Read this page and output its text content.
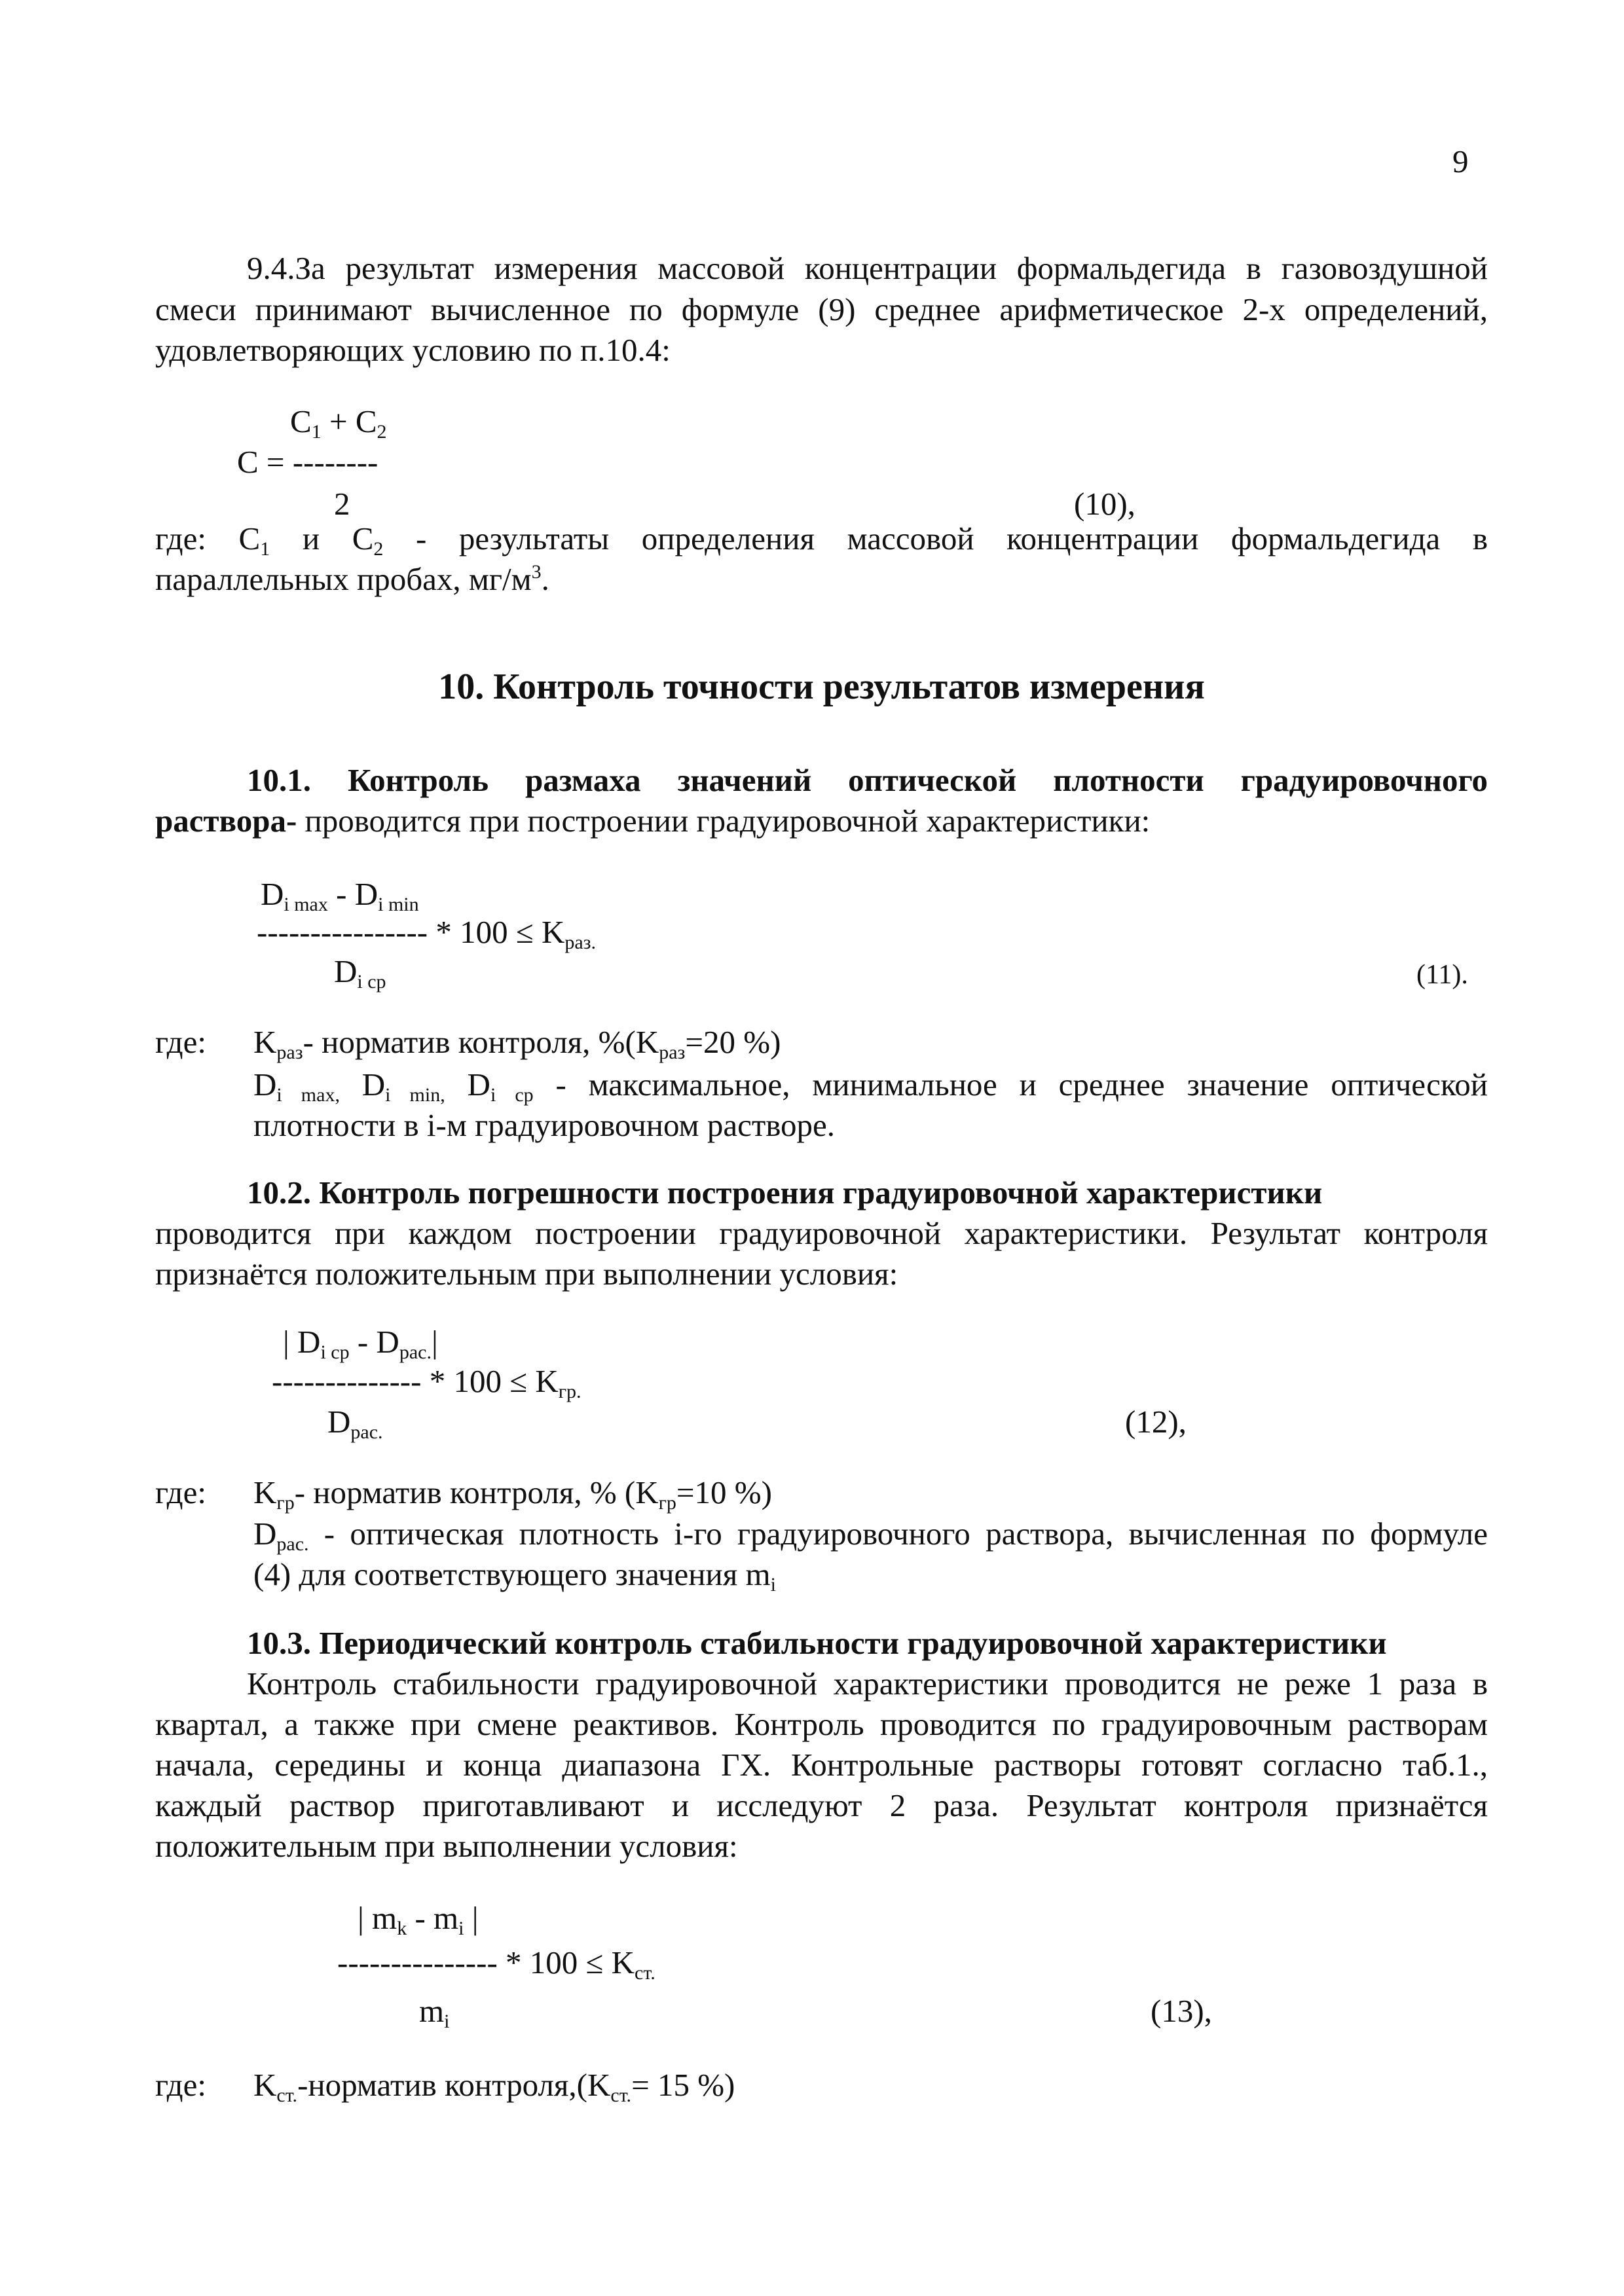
9
9.4.За результат измерения массовой концентрации формальдегида в газовоздушной
смеси принимают вычисленное по формуле (9) среднее арифметическое 2-х определений,
удовлетворяющих условию по п.10.4:
$C_1 + C_2$
C = --------
2	(10),
где: $C_1$ и $C_2$ - результаты определения массовой концентрации формальдегида в
параллельных пробах, $мг/м^3$.
10. Контроль точности результатов измерения
10.1. Контроль размаха значений оптической плотности градуировочного
раствора- проводится при построении градуировочной характеристики:
$D_{i max} - D_{i min}$
---------------- * $100 \le K_{раз.}$
$D_{i ср}$	(11).
где: $K_{раз}-$ норматив контроля, $\%(K_{раз}=20$ %)
$D_{i max,}$ $D_{i min,}$ $D_{i ср}$ - максимальное, минимальное и среднее значение оптической
плотности в i-м градуировочном растворе.
10.2. Контроль погрешности построения градуировочной характеристики
проводится при каждом построении градуировочной характеристики. Результат контроля
признаётся положительным при выполнении условия:
| $D_{i ср} - D_{рас.}|$
-------------- * $100 \le K_{гр.}$
$D_{рас.}$	(12),
где: $K_{гр}-$ норматив контроля, % ($K_{гр}=10$ %)
$D_{рас.}$ - оптическая плотность i-го градуировочного раствора, вычисленная по формуле
(4) для соответствующего значения $m_i$
10.3. Периодический контроль стабильности градуировочной характеристики
Контроль стабильности градуировочной характеристики проводится не реже 1 раза в
квартал, а также при смене реактивов. Контроль проводится по градуировочным растворам
начала, середины и конца диапазона ГХ. Контрольные растворы готовят согласно таб.1.,
каждый раствор приготавливают и исследуют 2 раза. Результат контроля признаётся
положительным при выполнении условия:
| $m_k - m_i$ |
--------------- * $100 \le K_{ст.}$
$m_i$	(13),
где: $K_{ст.}$-норматив $контроля,(K_{ст.}= 15$ %)
